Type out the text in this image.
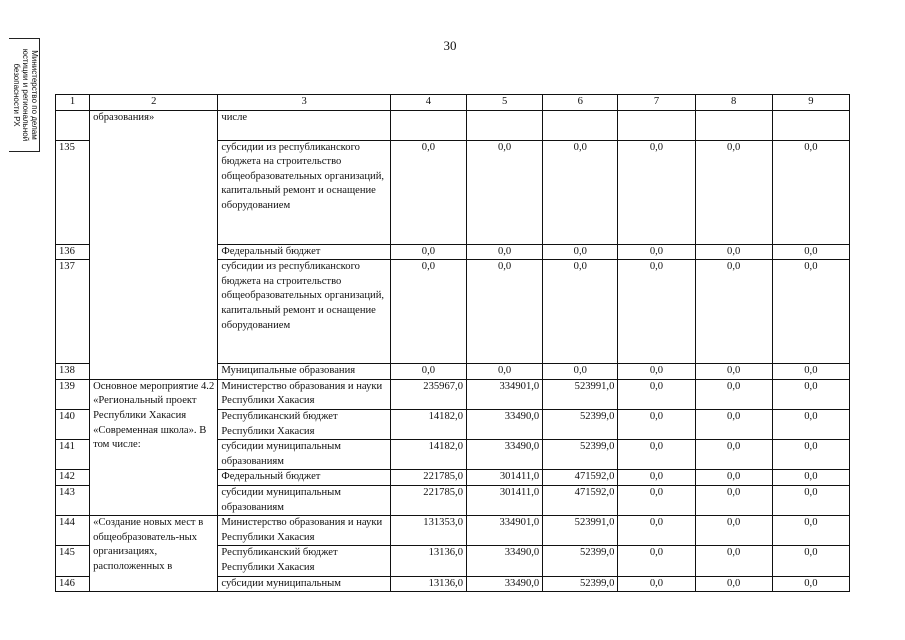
Министерство по делам
юстиции и региональной
безопасности РХ
30
1	2	3	4	5	6	7	8	9
	образования»	числе						
135		субсидии из республиканского бюджета на строительство общеобразовательных организаций, капитальный ремонт и оснащение оборудованием	0,0	0,0	0,0	0,0	0,0	0,0
136		Федеральный бюджет	0,0	0,0	0,0	0,0	0,0	0,0
137		субсидии из республиканского бюджета на строительство общеобразовательных организаций, капитальный ремонт и оснащение оборудованием	0,0	0,0	0,0	0,0	0,0	0,0
138		Муниципальные образования	0,0	0,0	0,0	0,0	0,0	0,0
139	Основное мероприятие 4.2 «Региональный проект Республики Хакасия «Современная школа». В том числе:	Министерство образования и науки Республики Хакасия	235967,0	334901,0	523991,0	0,0	0,0	0,0
140		Республиканский бюджет Республики Хакасия	14182,0	33490,0	52399,0	0,0	0,0	0,0
141		субсидии муниципальным образованиям	14182,0	33490,0	52399,0	0,0	0,0	0,0
142		Федеральный бюджет	221785,0	301411,0	471592,0	0,0	0,0	0,0
143		субсидии муниципальным образованиям	221785,0	301411,0	471592,0	0,0	0,0	0,0
144	«Создание новых мест в общеобразователь-ных организациях, расположенных в	Министерство образования и науки Республики Хакасия	131353,0	334901,0	523991,0	0,0	0,0	0,0
145		Республиканский бюджет Республики Хакасия	13136,0	33490,0	52399,0	0,0	0,0	0,0
146		субсидии муниципальным	13136,0	33490,0	52399,0	0,0	0,0	0,0
